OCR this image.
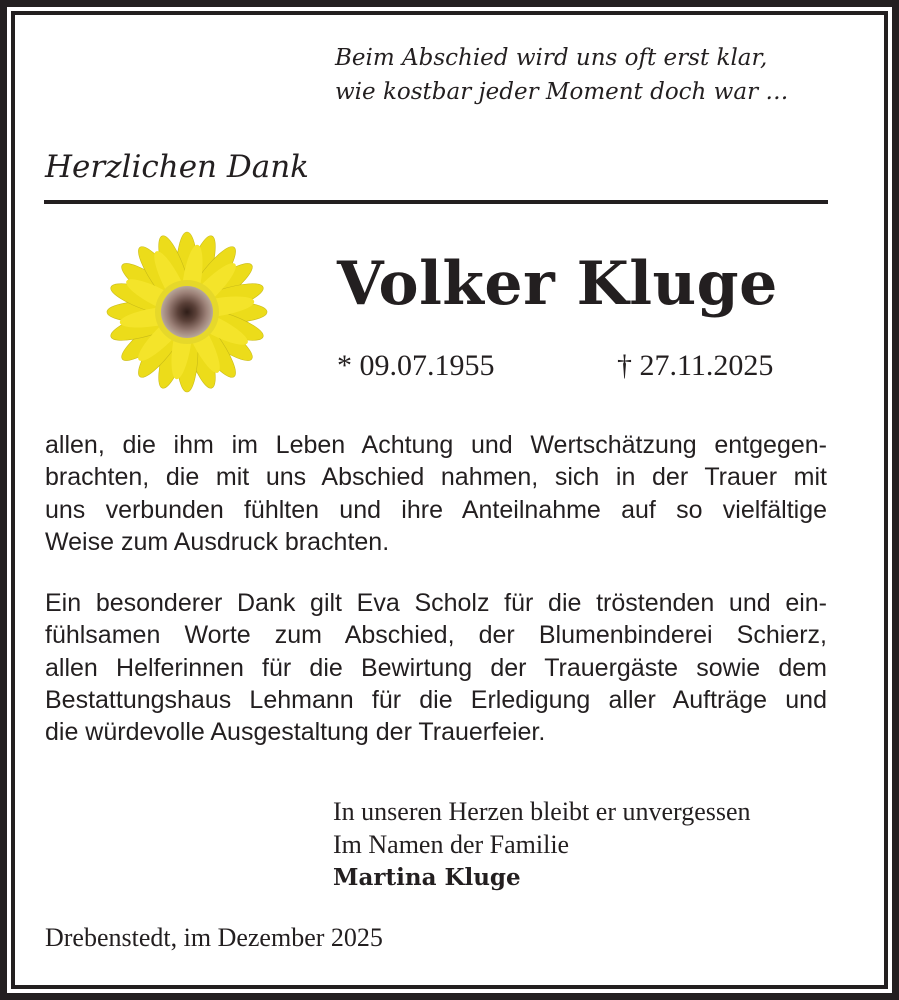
Beim Abschied wird uns oft erst klar,
wie kostbar jeder Moment doch war …
Herzlichen Dank
Volker Kluge
* 09.07.1955	† 27.11.2025
allen, die ihm im Leben Achtung und Wertschätzung entgegen-
brachten, die mit uns Abschied nahmen, sich in der Trauer mit
uns verbunden fühlten und ihre Anteilnahme auf so vielfältige
Weise zum Ausdruck brachten.
Ein besonderer Dank gilt Eva Scholz für die tröstenden und ein-
fühlsamen Worte zum Abschied, der Blumenbinderei Schierz,
allen Helferinnen für die Bewirtung der Trauergäste sowie dem
Bestattungshaus Lehmann für die Erledigung aller Aufträge und
die würdevolle Ausgestaltung der Trauerfeier.
In unseren Herzen bleibt er unvergessen
Im Namen der Familie
Martina Kluge
Drebenstedt, im Dezember 2025
